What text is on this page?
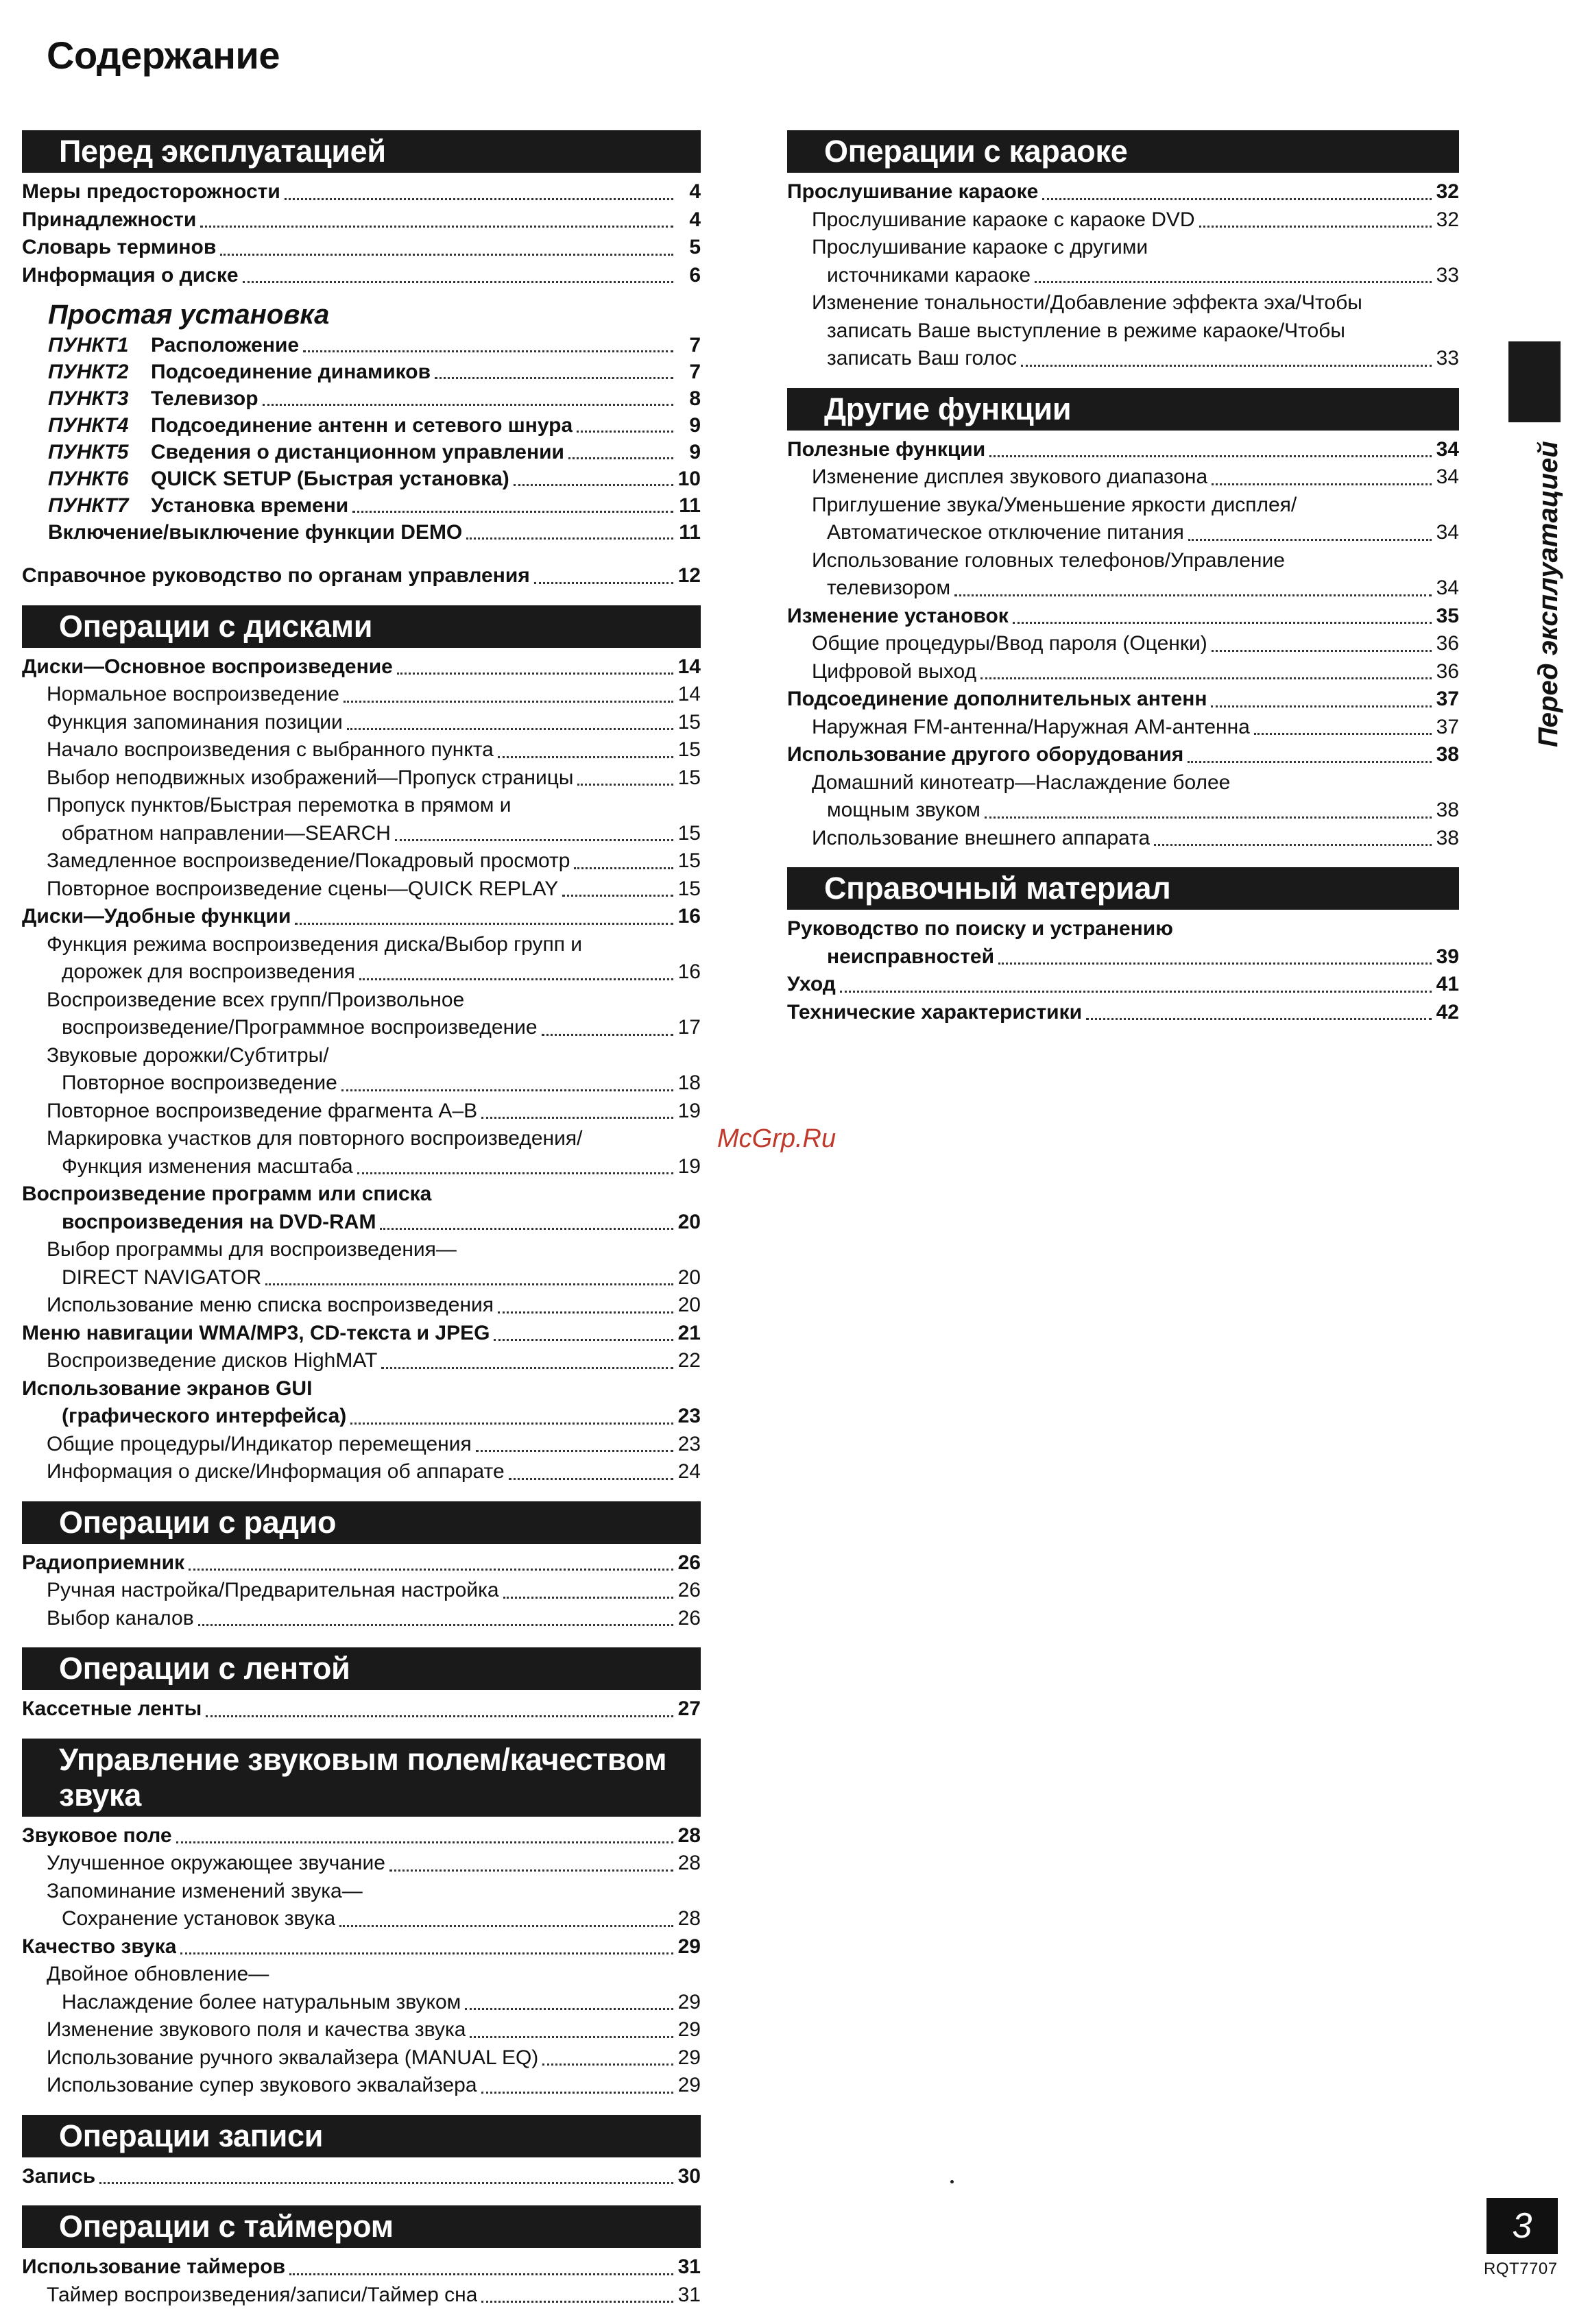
Содержание
Перед эксплуатацией
Меры предосторожности	4
Принадлежности	4
Словарь терминов	5
Информация о диске	6
Простая установка
ПУНКТ1	Расположение	7
ПУНКТ2	Подсоединение динамиков	7
ПУНКТ3	Телевизор	8
ПУНКТ4	Подсоединение антенн и сетевого шнура	9
ПУНКТ5	Сведения о дистанционном управлении	9
ПУНКТ6	QUICK SETUP (Быстрая установка)	10
ПУНКТ7	Установка времени	11
Включение/выключение функции DEMO	11
Справочное руководство по органам управления	12
Операции с дисками
Диски—Основное воспроизведение	14
Нормальное воспроизведение	14
Функция запоминания позиции	15
Начало воспроизведения с выбранного пункта	15
Выбор неподвижных изображений—Пропуск страницы	15
Пропуск пунктов/Быстрая перемотка в прямом и
обратном направлении—SEARCH	15
Замедленное воспроизведение/Покадровый просмотр	15
Повторное воспроизведение сцены—QUICK REPLAY	15
Диски—Удобные функции	16
Функция режима воспроизведения диска/Выбор групп и
дорожек для воспроизведения	16
Воспроизведение всех групп/Произвольное
воспроизведение/Программное воспроизведение	17
Звуковые дорожки/Субтитры/
Повторное воспроизведение	18
Повторное воспроизведение фрагмента A–B	19
Маркировка участков для повторного воспроизведения/
Функция изменения масштаба	19
Воспроизведение программ или списка
воспроизведения на DVD-RAM	20
Выбор программы для воспроизведения—
DIRECT NAVIGATOR	20
Использование меню списка воспроизведения	20
Меню навигации WMA/MP3, CD-текста и JPEG	21
Воспроизведение дисков HighMAT	22
Использование экранов GUI
(графического интерфейса)	23
Общие процедуры/Индикатор перемещения	23
Информация о диске/Информация об аппарате	24
Операции с радио
Радиоприемник	26
Ручная настройка/Предварительная настройка	26
Выбор каналов	26
Операции с лентой
Кассетные ленты	27
Управление звуковым полем/качеством
звука
Звуковое поле	28
Улучшенное окружающее звучание	28
Запоминание изменений звука—
Сохранение установок звука	28
Качество звука	29
Двойное обновление—
Наслаждение более натуральным звуком	29
Изменение звукового поля и качества звука	29
Использование ручного эквалайзера (MANUAL EQ)	29
Использование супер звукового эквалайзера	29
Операции записи
Запись	30
Операции с таймером
Использование таймеров	31
Таймер воспроизведения/записи/Таймер сна	31
Операции с караоке
Прослушивание караоке	32
Прослушивание караоке с караоке DVD	32
Прослушивание караоке с другими
источниками караоке	33
Изменение тональности/Добавление эффекта эха/Чтобы
записать Ваше выступление в режиме караоке/Чтобы
записать Ваш голос	33
Другие функции
Полезные функции	34
Изменение дисплея звукового диапазона	34
Приглушение звука/Уменьшение яркости дисплея/
Автоматическое отключение питания	34
Использование головных телефонов/Управление
телевизором	34
Изменение установок	35
Общие процедуры/Ввод пароля (Оценки)	36
Цифровой выход	36
Подсоединение дополнительных антенн	37
Наружная FM-антенна/Наружная AM-антенна	37
Использование другого оборудования	38
Домашний кинотеатр—Наслаждение более
мощным звуком	38
Использование внешнего аппарата	38
Справочный материал
Руководство по поиску и устранению
неисправностей	39
Уход	41
Технические характеристики	42
Перед эксплуатацией
McGrp.Ru
3
RQT7707
